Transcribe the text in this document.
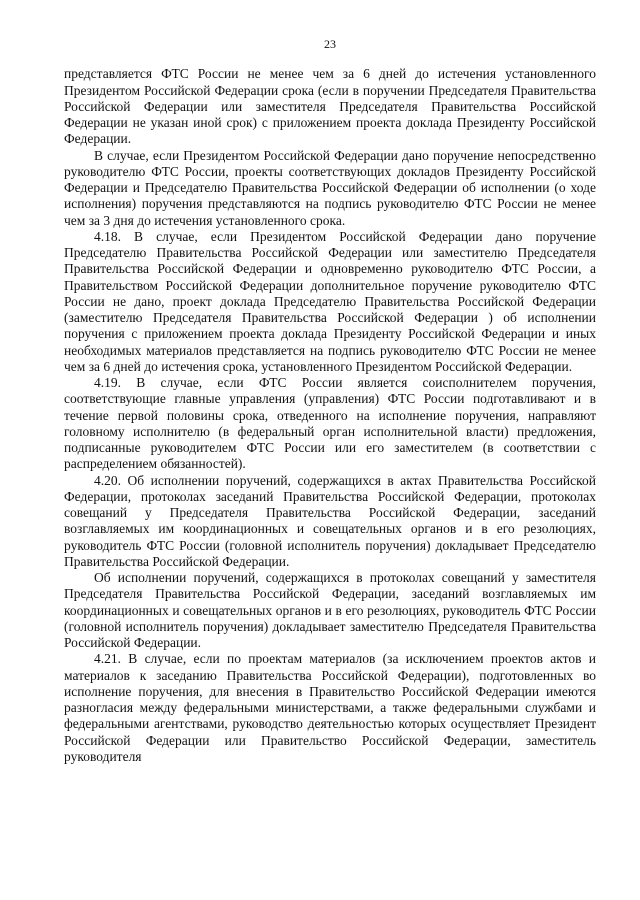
23

представляется ФТС России не менее чем за 6 дней до истечения установленного Президентом Российской Федерации срока (если в поручении Председателя Правительства Российской Федерации или заместителя Председателя Правительства Российской Федерации не указан иной срок) с приложением проекта доклада Президенту Российской Федерации.

В случае, если Президентом Российской Федерации дано поручение непосредственно руководителю ФТС России, проекты соответствующих докладов Президенту Российской Федерации и Председателю Правительства Российской Федерации об исполнении (о ходе исполнения) поручения представляются на подпись руководителю ФТС России не менее чем за 3 дня до истечения установленного срока.

4.18. В случае, если Президентом Российской Федерации дано поручение Председателю Правительства Российской Федерации или заместителю Председателя Правительства Российской Федерации и одновременно руководителю ФТС России, а Правительством Российской Федерации дополнительное поручение руководителю ФТС России не дано, проект доклада Председателю Правительства Российской Федерации (заместителю Председателя Правительства Российской Федерации ) об исполнении поручения с приложением проекта доклада Президенту Российской Федерации и иных необходимых материалов представляется на подпись руководителю ФТС России не менее чем за 6 дней до истечения срока, установленного Президентом Российской Федерации.

4.19. В случае, если ФТС России является соисполнителем поручения, соответствующие главные управления (управления) ФТС России подготавливают и в течение первой половины срока, отведенного на исполнение поручения, направляют головному исполнителю (в федеральный орган исполнительной власти) предложения, подписанные руководителем ФТС России или его заместителем (в соответствии с распределением обязанностей).

4.20. Об исполнении поручений, содержащихся в актах Правительства Российской Федерации, протоколах заседаний Правительства Российской Федерации, протоколах совещаний у Председателя Правительства Российской Федерации, заседаний возглавляемых им координационных и совещательных органов и в его резолюциях, руководитель ФТС России (головной исполнитель поручения) докладывает Председателю Правительства Российской Федерации.

Об исполнении поручений, содержащихся в протоколах совещаний у заместителя Председателя Правительства Российской Федерации, заседаний возглавляемых им координационных и совещательных органов и в его резолюциях, руководитель ФТС России (головной исполнитель поручения) докладывает заместителю Председателя Правительства Российской Федерации.

4.21. В случае, если по проектам материалов (за исключением проектов актов и материалов к заседанию Правительства Российской Федерации), подготовленных во исполнение поручения, для внесения в Правительство Российской Федерации имеются разногласия между федеральными министерствами, а также федеральными службами и федеральными агентствами, руководство деятельностью которых осуществляет Президент Российской Федерации или Правительство Российской Федерации, заместитель руководителя
